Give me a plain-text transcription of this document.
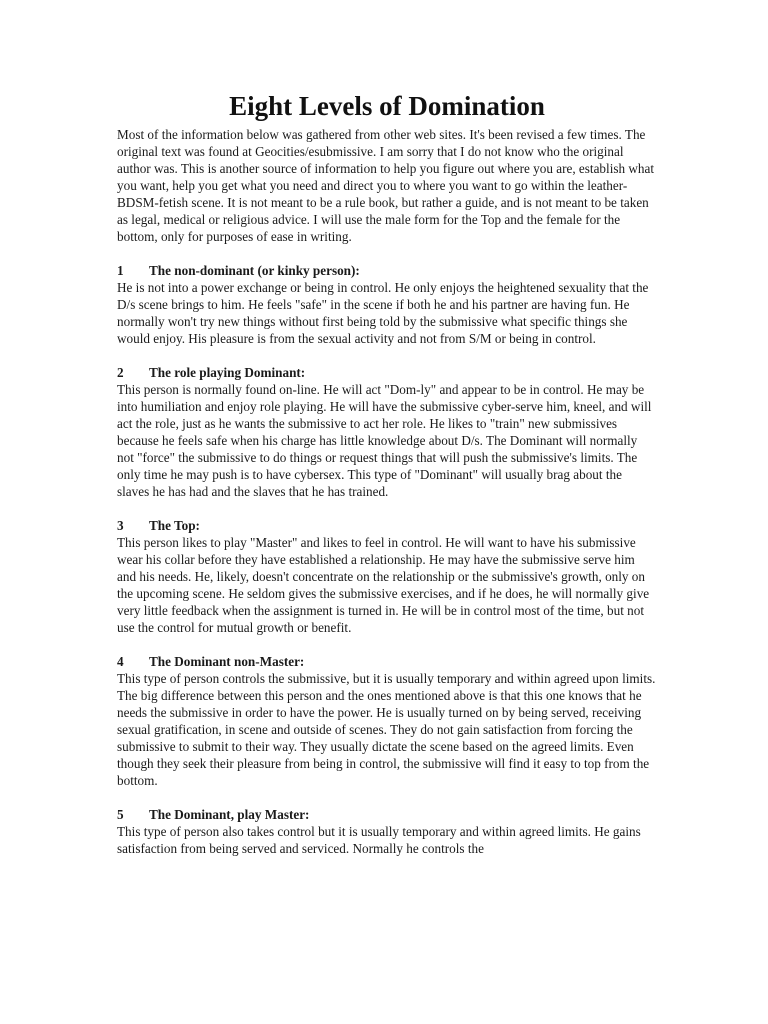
Eight Levels of Domination

Most of the information below was gathered from other web sites. It's been revised a few times. The original text was found at Geocities/esubmissive. I am sorry that I do not know who the original author was. This is another source of information to help you figure out where you are, establish what you want, help you get what you need and direct you to where you want to go within the leather-BDSM-fetish scene. It is not meant to be a rule book, but rather a guide, and is not meant to be taken as legal, medical or religious advice. I will use the male form for the Top and the female for the bottom, only for purposes of ease in writing.

1 The non-dominant (or kinky person):

He is not into a power exchange or being in control. He only enjoys the heightened sexuality that the D/s scene brings to him. He feels "safe" in the scene if both he and his partner are having fun. He normally won't try new things without first being told by the submissive what specific things she would enjoy. His pleasure is from the sexual activity and not from S/M or being in control.

2 The role playing Dominant:

This person is normally found on-line. He will act "Dom-ly" and appear to be in control. He may be into humiliation and enjoy role playing. He will have the submissive cyber-serve him, kneel, and will act the role, just as he wants the submissive to act her role. He likes to "train" new submissives because he feels safe when his charge has little knowledge about D/s. The Dominant will normally not "force" the submissive to do things or request things that will push the submissive's limits. The only time he may push is to have cybersex. This type of "Dominant" will usually brag about the slaves he has had and the slaves that he has trained.

3 The Top:

This person likes to play "Master" and likes to feel in control. He will want to have his submissive wear his collar before they have established a relationship. He may have the submissive serve him and his needs. He, likely, doesn't concentrate on the relationship or the submissive's growth, only on the upcoming scene. He seldom gives the submissive exercises, and if he does, he will normally give very little feedback when the assignment is turned in. He will be in control most of the time, but not use the control for mutual growth or benefit.

4 The Dominant non-Master:

This type of person controls the submissive, but it is usually temporary and within agreed upon limits. The big difference between this person and the ones mentioned above is that this one knows that he needs the submissive in order to have the power. He is usually turned on by being served, receiving sexual gratification, in scene and outside of scenes. They do not gain satisfaction from forcing the submissive to submit to their way. They usually dictate the scene based on the agreed limits. Even though they seek their pleasure from being in control, the submissive will find it easy to top from the bottom.

5 The Dominant, play Master:

This type of person also takes control but it is usually temporary and within agreed limits. He gains satisfaction from being served and serviced. Normally he controls the
